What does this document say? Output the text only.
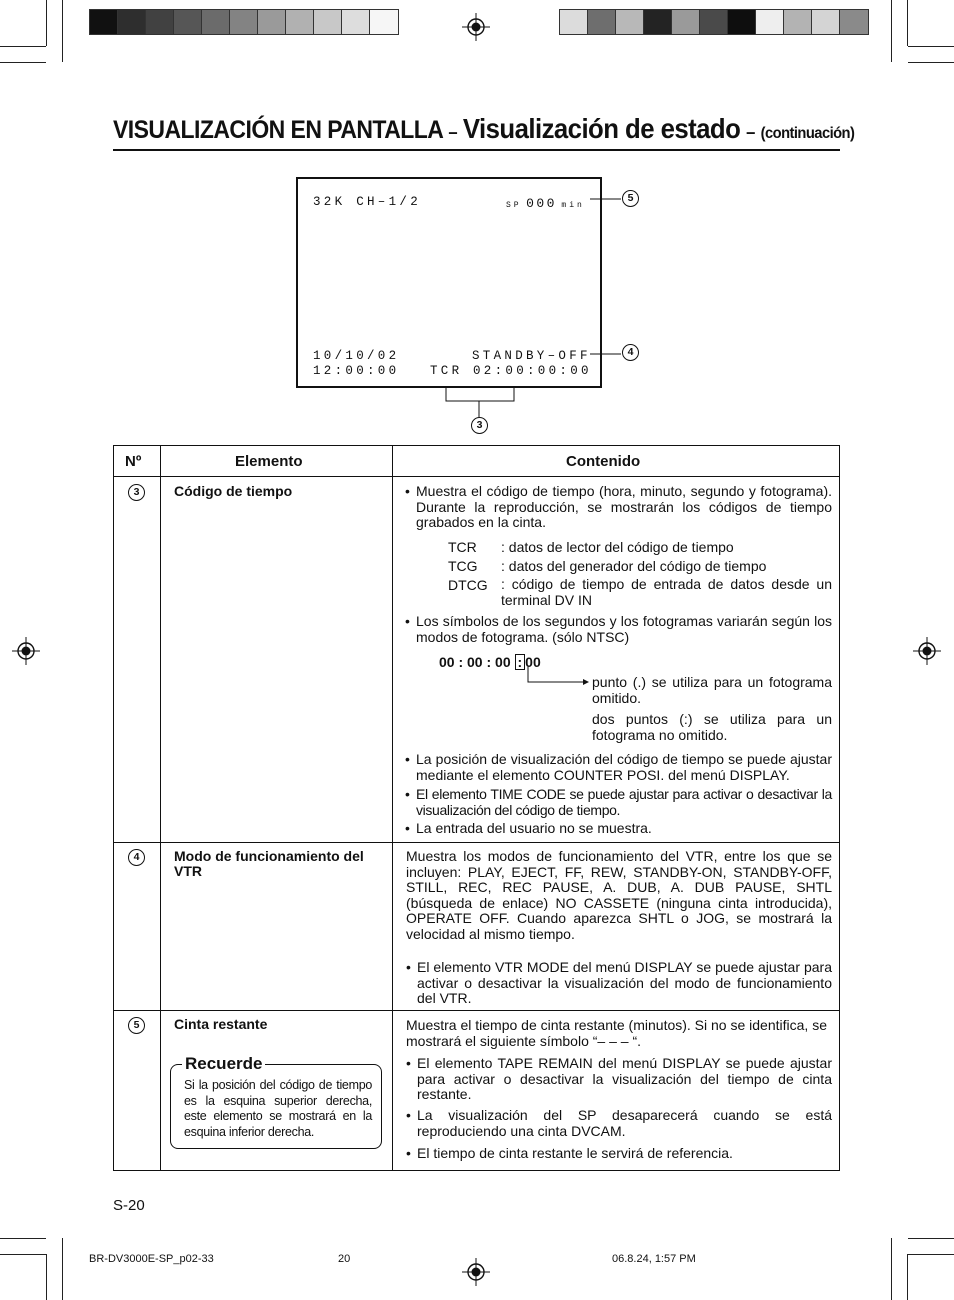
VISUALIZACIÓN EN PANTALLA – Visualización de estado – (continuación)
32K CH–1/2	SP 000 min
10/10/02
12:00:00
STANDBY–OFF
TCR 02:00:00:00
5
4
3
Nº	Elemento	Contenido
3	Código de tiempo	• Muestra el código de tiempo (hora, minuto, segundo y fotograma). Durante la reproducción, se mostrarán los códigos de tiempo grabados en la cinta.
TCR : datos de lector del código de tiempo
TCG : datos del generador del código de tiempo
DTCG : código de tiempo de entrada de datos desde un terminal DV IN
• Los símbolos de los segundos y los fotogramas variarán según los modos de fotograma. (sólo NTSC)
00 : 00 : 00 : 00
punto (.) se utiliza para un fotograma omitido.
dos puntos (:) se utiliza para un fotograma no omitido.
• La posición de visualización del código de tiempo se puede ajustar mediante el elemento COUNTER POSI. del menú DISPLAY.
• El elemento TIME CODE se puede ajustar para activar o desactivar la visualización del código de tiempo.
• La entrada del usuario no se muestra.
4	Modo de funcionamiento del VTR
Muestra los modos de funcionamiento del VTR, entre los que se incluyen: PLAY, EJECT, FF, REW, STANDBY-ON, STANDBY-OFF, STILL, REC, REC PAUSE, A. DUB, A. DUB PAUSE, SHTL (búsqueda de enlace) NO CASSETE (ninguna cinta introducida), OPERATE OFF. Cuando aparezca SHTL o JOG, se mostrará la velocidad al mismo tiempo.
• El elemento VTR MODE del menú DISPLAY se puede ajustar para activar o desactivar la visualización del modo de funcionamiento del VTR.
5	Cinta restante	Muestra el tiempo de cinta restante (minutos). Si no se identifica, se mostrará el siguiente símbolo “– – – “.
• El elemento TAPE REMAIN del menú DISPLAY se puede ajustar para activar o desactivar la visualización del tiempo de cinta restante.
• La visualización del SP desaparecerá cuando se está reproduciendo una cinta DVCAM.
• El tiempo de cinta restante le servirá de referencia.
Recuerde
Si la posición del código de tiempo es la esquina superior derecha, este elemento se mostrará en la esquina inferior derecha.
S-20
BR-DV3000E-SP_p02-33	20	06.8.24, 1:57 PM
